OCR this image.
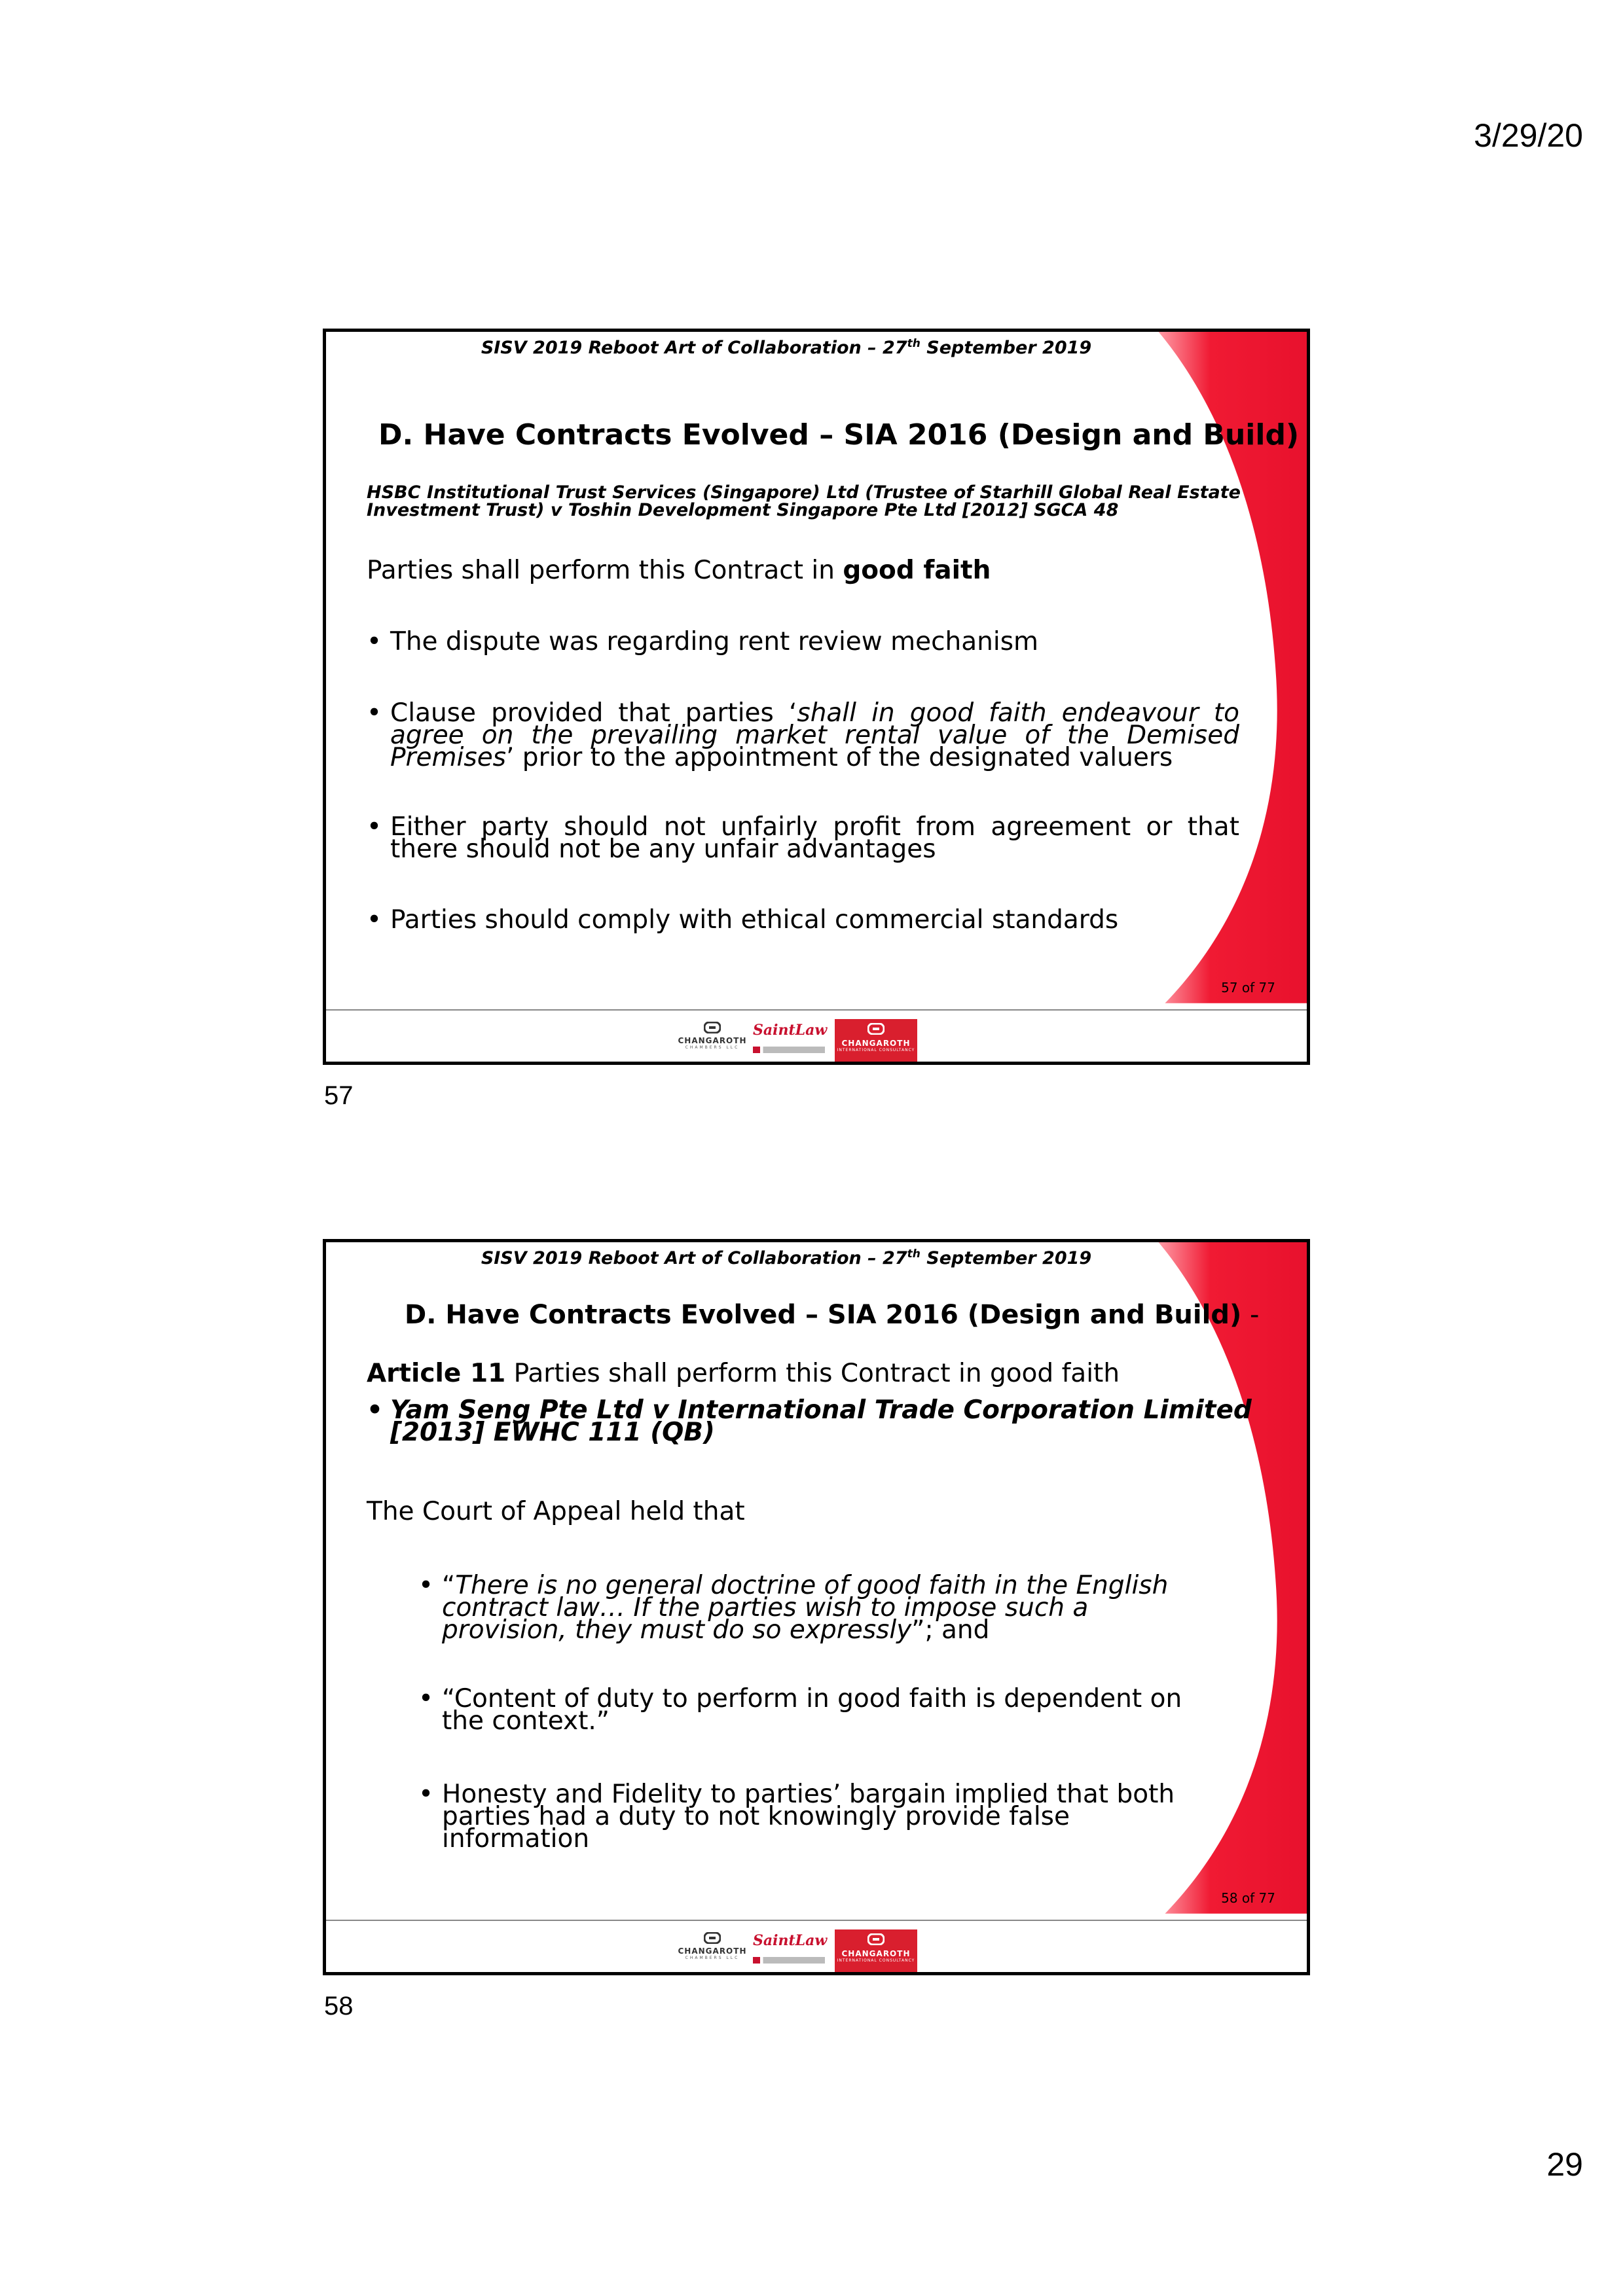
3/29/20
SISV 2019 Reboot Art of Collaboration – 27th September 2019
D. Have Contracts Evolved – SIA 2016 (Design and Build)
HSBC Institutional Trust Services (Singapore) Ltd (Trustee of Starhill Global Real Estate
Investment Trust) v Toshin Development Singapore Pte Ltd [2012] SGCA 48
Parties shall perform this Contract in good faith
• The dispute was regarding rent review mechanism
• Clause provided that parties ‘shall in good faith endeavour to
agree on the prevailing market rental value of the Demised
Premises’ prior to the appointment of the designated valuers
• Either party should not unfairly profit from agreement or that
there should not be any unfair advantages
• Parties should comply with ethical commercial standards
57 of 77
CHANGAROTH
CHAMBERS LLC
SaintLaw
CHANGAROTH
INTERNATIONAL CONSULTANCY
57
SISV 2019 Reboot Art of Collaboration – 27th September 2019
D. Have Contracts Evolved – SIA 2016 (Design and Build) -
Article 11 Parties shall perform this Contract in good faith
• Yam Seng Pte Ltd v International Trade Corporation Limited
[2013] EWHC 111 (QB)
The Court of Appeal held that
• “There is no general doctrine of good faith in the English
contract law… If the parties wish to impose such a
provision, they must do so expressly”; and
• “Content of duty to perform in good faith is dependent on
the context.”
• Honesty and Fidelity to parties’ bargain implied that both
parties had a duty to not knowingly provide false
information
58 of 77
CHANGAROTH
CHAMBERS LLC
SaintLaw
CHANGAROTH
INTERNATIONAL CONSULTANCY
58
29
